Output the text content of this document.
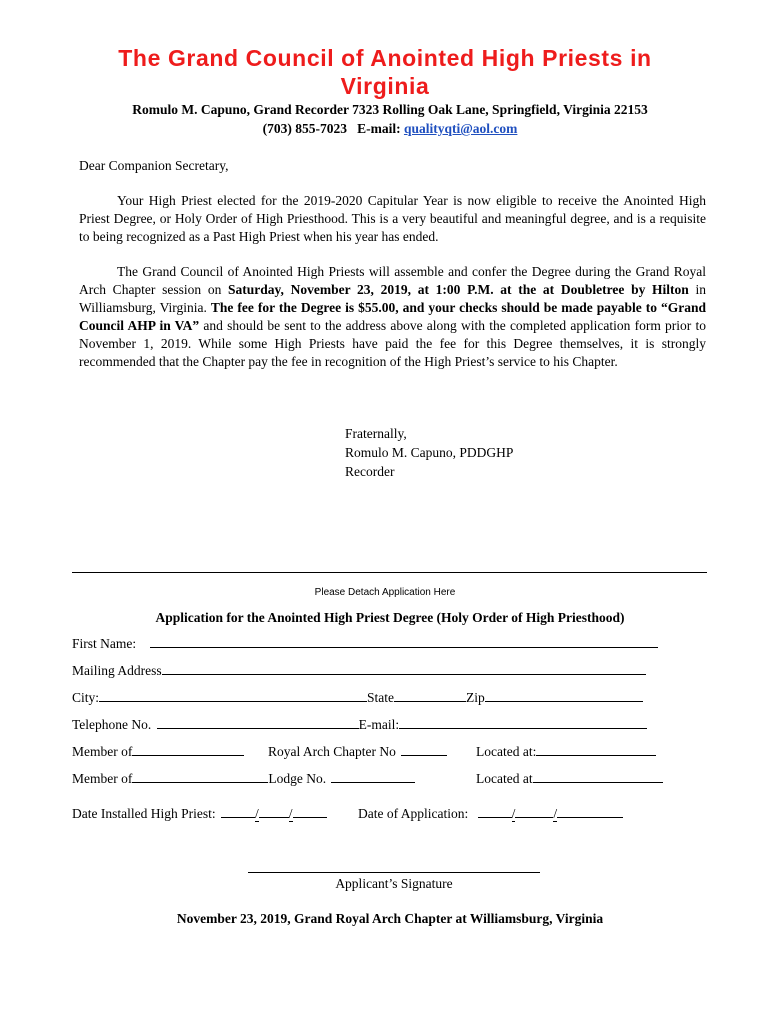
The Grand Council of Anointed High Priests in
Virginia
Romulo M. Capuno, Grand Recorder 7323 Rolling Oak Lane, Springfield, Virginia 22153
(703) 855-7023 E-mail: qualityqti@aol.com
Dear Companion Secretary,
Your High Priest elected for the 2019-2020 Capitular Year is now eligible to receive the Anointed High Priest Degree, or Holy Order of High Priesthood. This is a very beautiful and meaningful degree, and is a requisite to being recognized as a Past High Priest when his year has ended.
The Grand Council of Anointed High Priests will assemble and confer the Degree during the Grand Royal Arch Chapter session on Saturday, November 23, 2019, at 1:00 P.M. at the at Doubletree by Hilton in Williamsburg, Virginia. The fee for the Degree is $55.00, and your checks should be made payable to “Grand Council AHP in VA” and should be sent to the address above along with the completed application form prior to November 1, 2019. While some High Priests have paid the fee for this Degree themselves, it is strongly recommended that the Chapter pay the fee in recognition of the High Priest’s service to his Chapter.
Fraternally,
Romulo M. Capuno, PDDGHP
Recorder
Please Detach Application Here
Application for the Anointed High Priest Degree (Holy Order of High Priesthood)
First Name:
Mailing Address
City:	State	Zip
Telephone No.	E-mail:
Member of	Royal Arch Chapter No	Located at:
Member of	Lodge No.	Located at
Date Installed High Priest:	/ /	Date of Application:	/	/
Applicant’s Signature
November 23, 2019, Grand Royal Arch Chapter at Williamsburg, Virginia
